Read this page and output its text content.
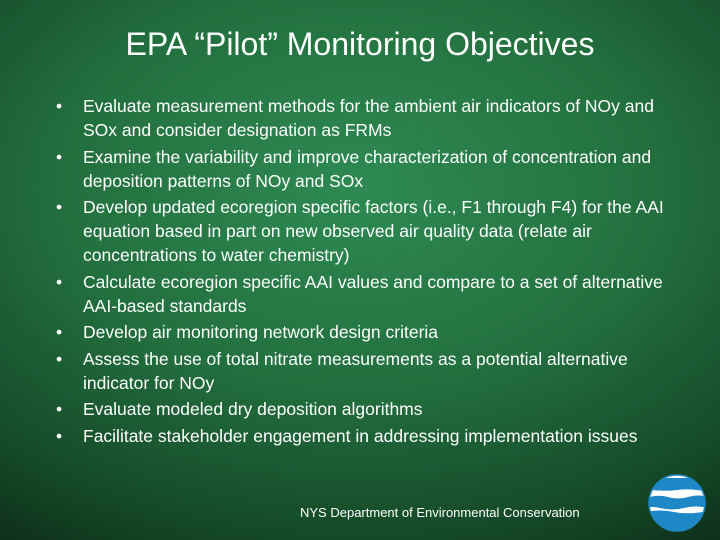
EPA “Pilot” Monitoring Objectives
• Evaluate measurement methods for the ambient air indicators of NOy and SOx and consider designation as FRMs
• Examine the variability and improve characterization of concentration and deposition patterns of NOy and SOx
• Develop updated ecoregion specific factors (i.e., F1 through F4) for the AAI equation based in part on new observed air quality data (relate air concentrations to water chemistry)
• Calculate ecoregion specific AAI values and compare to a set of alternative AAI-based standards
• Develop air monitoring network design criteria
• Assess the use of total nitrate measurements as a potential alternative indicator for NOy
• Evaluate modeled dry deposition algorithms
• Facilitate stakeholder engagement in addressing implementation issues
NYS Department of Environmental Conservation
